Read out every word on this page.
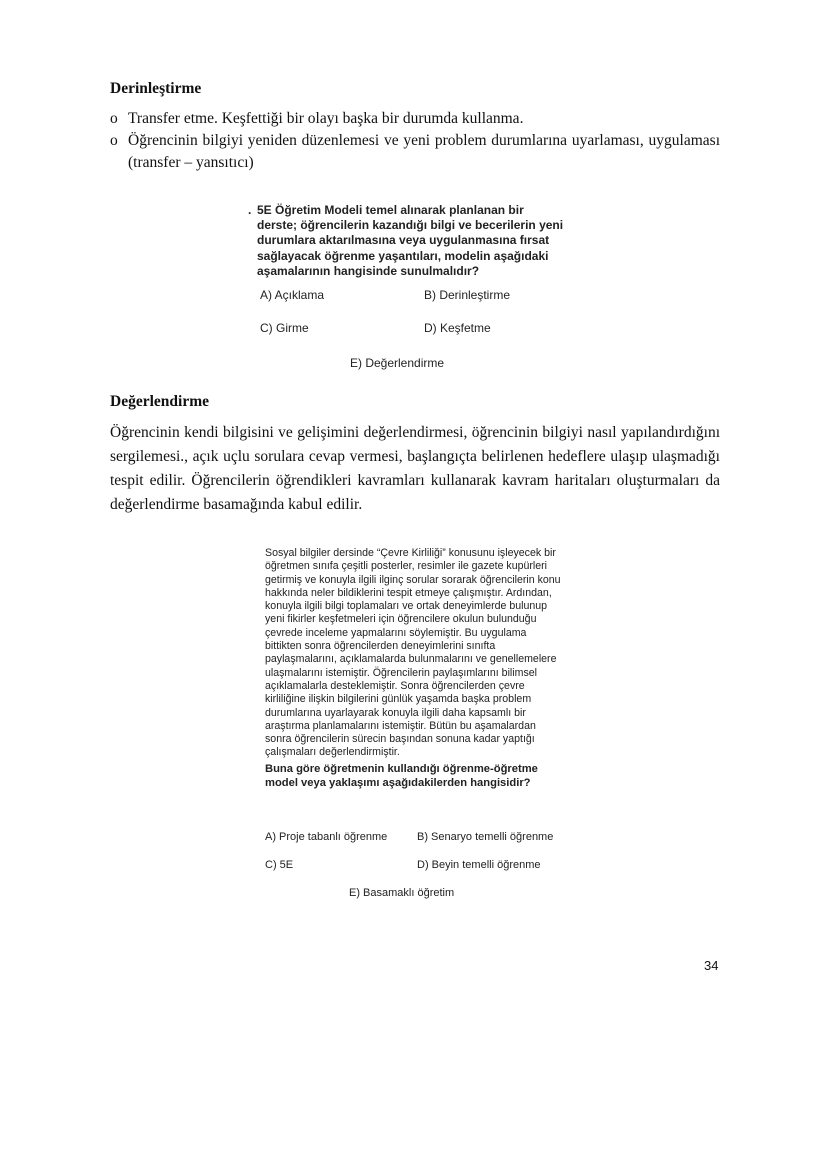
Derinleştirme
o Transfer etme. Keşfettiği bir olayı başka bir durumda kullanma.
o Öğrencinin bilgiyi yeniden düzenlemesi ve yeni problem durumlarına uyarlaması, uygulaması (transfer – yansıtıcı)
. 5E Öğretim Modeli temel alınarak planlanan bir derste; öğrencilerin kazandığı bilgi ve becerilerin yeni durumlara aktarılmasına veya uygulanmasına fırsat sağlayacak öğrenme yaşantıları, modelin aşağıdaki aşamalarının hangisinde sunulmalıdır?

A) Açıklama	B) Derinleştirme
C) Girme	D) Keşfetme
E) Değerlendirme
Değerlendirme

Öğrencinin kendi bilgisini ve gelişimini değerlendirmesi, öğrencinin bilgiyi nasıl yapılandırdığını sergilemesi., açık uçlu sorulara cevap vermesi, başlangıçta belirlenen hedeflere ulaşıp ulaşmadığı tespit edilir. Öğrencilerin öğrendikleri kavramları kullanarak kavram haritaları oluşturmaları da değerlendirme basamağında kabul edilir.

Sosyal bilgiler dersinde “Çevre Kirliliği” konusunu işleyecek bir öğretmen sınıfa çeşitli posterler, resimler ile gazete kupürleri getirmiş ve konuyla ilgili ilginç sorular sorarak öğrencilerin konu hakkında neler bildiklerini tespit etmeye çalışmıştır. Ardından, konuyla ilgili bilgi toplamaları ve ortak deneyimlerde bulunup yeni fikirler keşfetmeleri için öğrencilere okulun bulunduğu çevrede inceleme yapmalarını söylemiştir. Bu uygulama bittikten sonra öğrencilerden deneyimlerini sınıfta paylaşmalarını, açıklamalarda bulunmalarını ve genellemelere ulaşmalarını istemiştir. Öğrencilerin paylaşımlarını bilimsel açıklamalarla desteklemiştir. Sonra öğrencilerden çevre kirliliğine ilişkin bilgilerini günlük yaşamda başka problem durumlarına uyarlayarak konuyla ilgili daha kapsamlı bir araştırma planlamalarını istemiştir. Bütün bu aşamalardan sonra öğrencilerin sürecin başından sonuna kadar yaptığı çalışmaları değerlendirmiştir.

Buna göre öğretmenin kullandığı öğrenme-öğretme model veya yaklaşımı aşağıdakilerden hangisidir?

A) Proje tabanlı öğrenme	B) Senaryo temelli öğrenme
C) 5E	D) Beyin temelli öğrenme
E) Basamaklı öğretim
34
